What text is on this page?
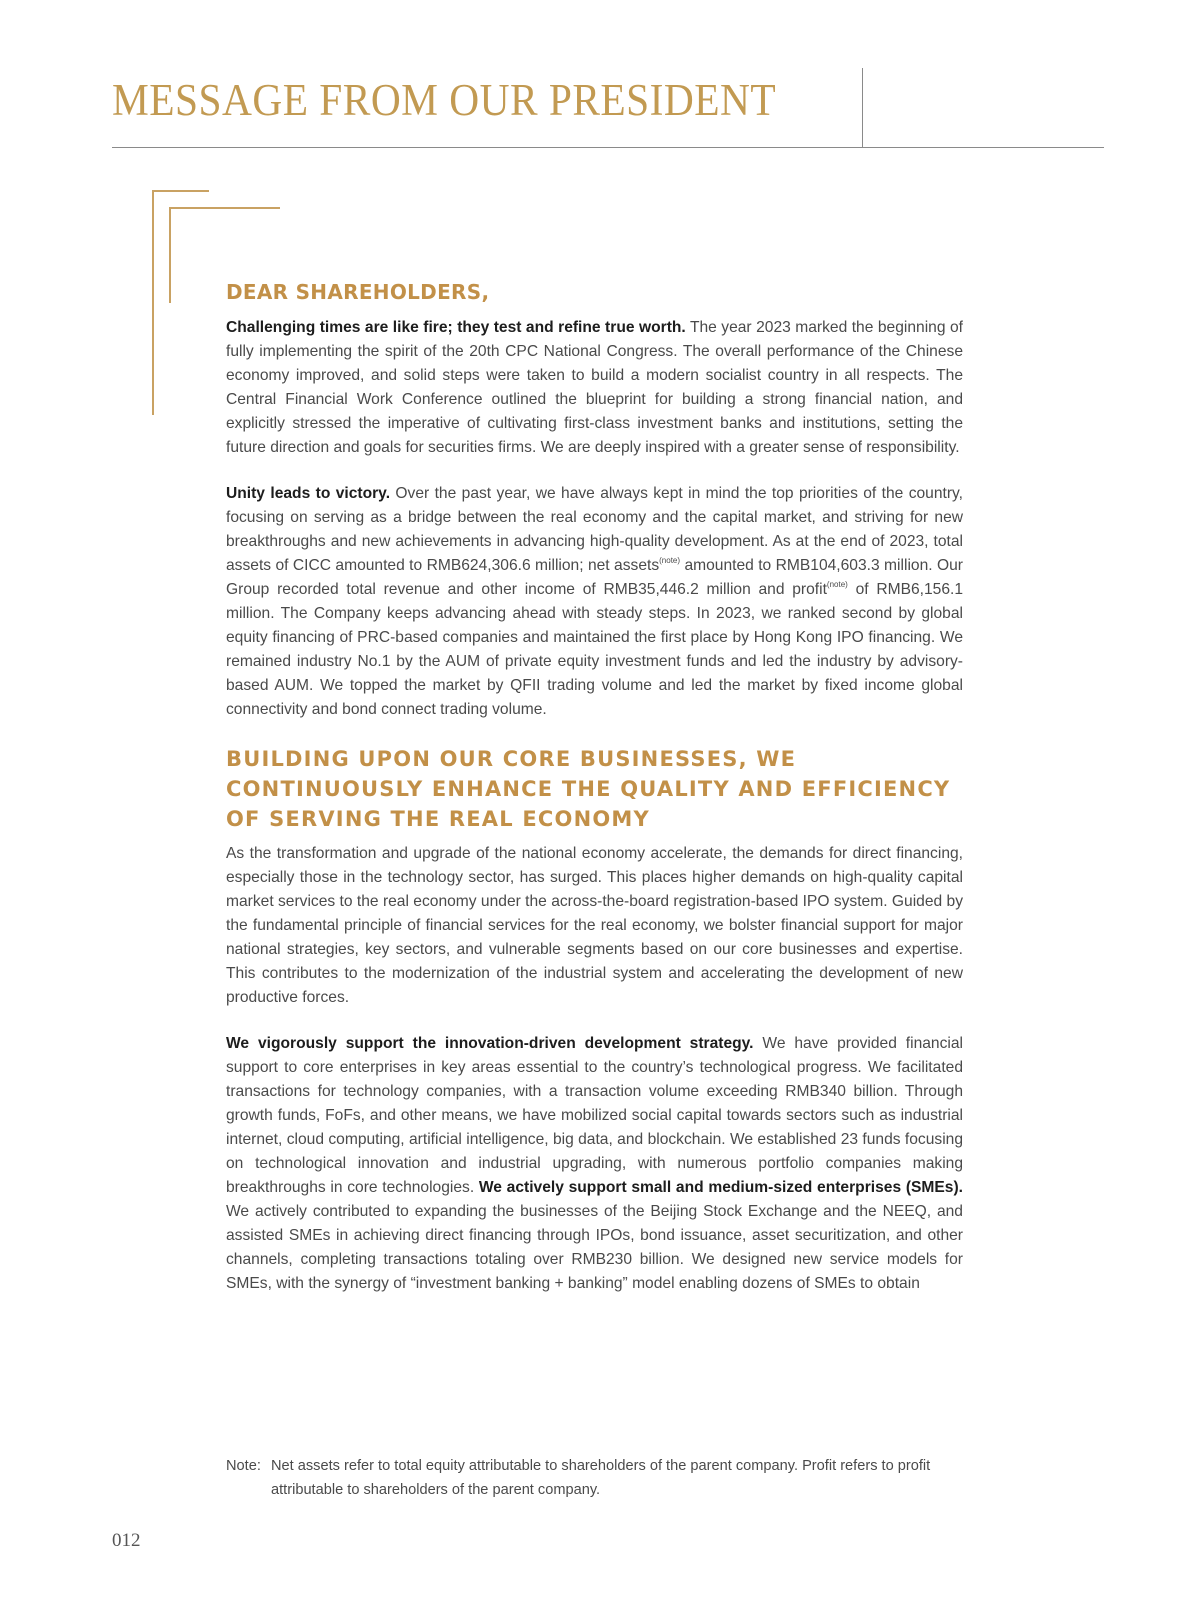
MESSAGE FROM OUR PRESIDENT
DEAR SHAREHOLDERS,

Challenging times are like fire; they test and refine true worth. The year 2023 marked the beginning of fully implementing the spirit of the 20th CPC National Congress. The overall performance of the Chinese economy improved, and solid steps were taken to build a modern socialist country in all respects. The Central Financial Work Conference outlined the blueprint for building a strong financial nation, and explicitly stressed the imperative of cultivating first-class investment banks and institutions, setting the future direction and goals for securities firms. We are deeply inspired with a greater sense of responsibility.

Unity leads to victory. Over the past year, we have always kept in mind the top priorities of the country, focusing on serving as a bridge between the real economy and the capital market, and striving for new breakthroughs and new achievements in advancing high-quality development. As at the end of 2023, total assets of CICC amounted to RMB624,306.6 million; net assets$^{(note)}$ amounted to RMB104,603.3 million. Our Group recorded total revenue and other income of RMB35,446.2 million and profit$^{(note)}$ of RMB6,156.1 million. The Company keeps advancing ahead with steady steps. In 2023, we ranked second by global equity financing of PRC-based companies and maintained the first place by Hong Kong IPO financing. We remained industry No.1 by the AUM of private equity investment funds and led the industry by advisory-based AUM. We topped the market by QFII trading volume and led the market by fixed income global connectivity and bond connect trading volume.

BUILDING UPON OUR CORE BUSINESSES, WE CONTINUOUSLY ENHANCE THE QUALITY AND EFFICIENCY OF SERVING THE REAL ECONOMY

As the transformation and upgrade of the national economy accelerate, the demands for direct financing, especially those in the technology sector, has surged. This places higher demands on high-quality capital market services to the real economy under the across-the-board registration-based IPO system. Guided by the fundamental principle of financial services for the real economy, we bolster financial support for major national strategies, key sectors, and vulnerable segments based on our core businesses and expertise. This contributes to the modernization of the industrial system and accelerating the development of new productive forces.

We vigorously support the innovation-driven development strategy. We have provided financial support to core enterprises in key areas essential to the country’s technological progress. We facilitated transactions for technology companies, with a transaction volume exceeding RMB340 billion. Through growth funds, FoFs, and other means, we have mobilized social capital towards sectors such as industrial internet, cloud computing, artificial intelligence, big data, and blockchain. We established 23 funds focusing on technological innovation and industrial upgrading, with numerous portfolio companies making breakthroughs in core technologies. We actively support small and medium-sized enterprises (SMEs). We actively contributed to expanding the businesses of the Beijing Stock Exchange and the NEEQ, and assisted SMEs in achieving direct financing through IPOs, bond issuance, asset securitization, and other channels, completing transactions totaling over RMB230 billion. We designed new service models for SMEs, with the synergy of “investment banking + banking” model enabling dozens of SMEs to obtain

Note: Net assets refer to total equity attributable to shareholders of the parent company. Profit refers to profit attributable to shareholders of the parent company.
012
